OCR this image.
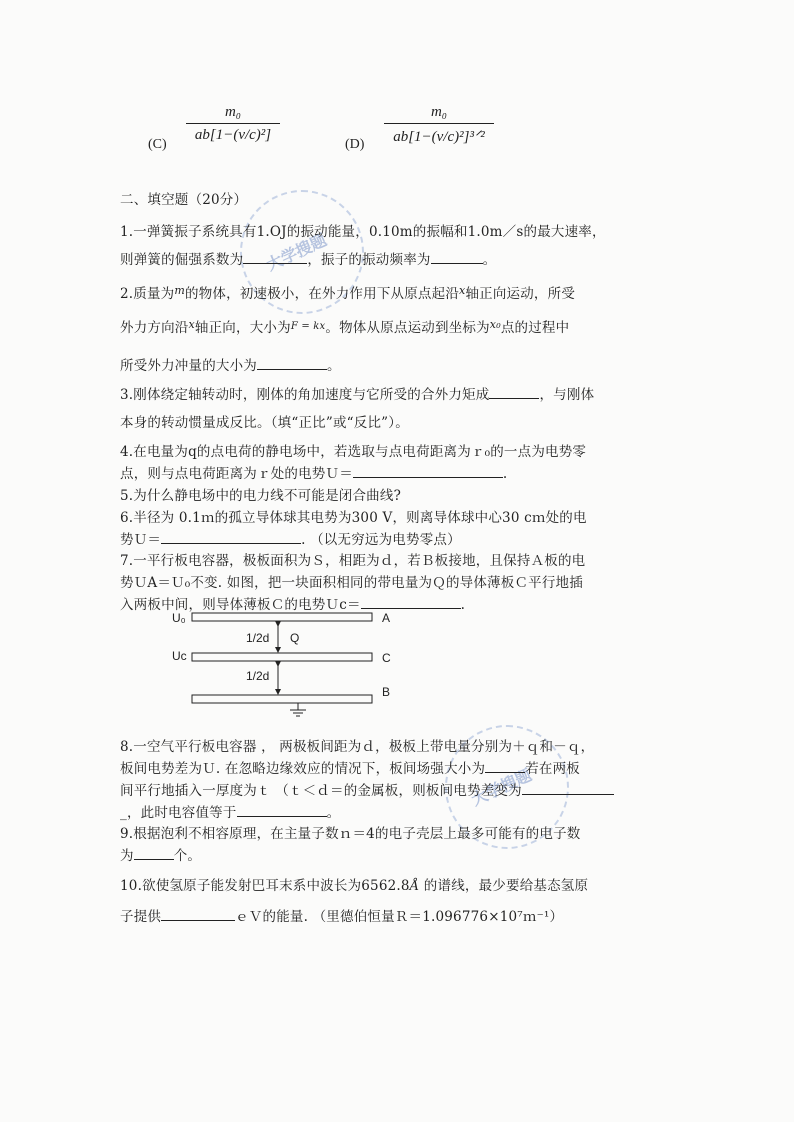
大学搜题
大学搜题
(C)
m₀
ab[1−(v/c)²]
(D)
m₀
ab[1−(v/c)²]³ᐟ²
二、填空题（20分）
1.一弹簧振子系统具有1.OJ的振动能量，0.10m的振幅和1.0m／s的最大速率，
则弹簧的倔强系数为	，振子的振动频率为	。
2.质量为$^m$的物体，初速极小，在外力作用下从原点起沿$^x$轴正向运动，所受
外力方向沿$^x$轴正向，大小为$^{F = kx}$。物体从原点运动到坐标为$^{x_0}$点的过程中
所受外力冲量的大小为	。
3.刚体绕定轴转动时，刚体的角加速度与它所受的合外力矩成	，与刚体
本身的转动惯量成反比。（填“正比”或“反比”）。
4.在电量为q的点电荷的静电场中，若选取与点电荷距离为ｒ₀的一点为电势零
点，则与点电荷距离为ｒ处的电势Ｕ＝	.
5.为什么静电场中的电力线不可能是闭合曲线?
6.半径为 0.1ｍ的孤立导体球其电势为300 V，则离导体球中心30 cｍ处的电
势Ｕ＝	. （以无穷远为电势零点）
7.一平行板电容器，极板面积为Ｓ，相距为ｄ，若Ｂ板接地，且保持Ａ板的电
势ＵA＝Ｕ₀不变. 如图，把一块面积相同的带电量为Ｑ的导体薄板Ｃ平行地插
入两板中间，则导体薄板Ｃ的电势Ｕc＝	.
U₀	A
1/2d Q
Uc	C
1/2d
B
8.一空气平行板电容器 ， 两极板间距为ｄ，极板上带电量分别为＋ｑ和－ｑ，
板间电势差为Ｕ. 在忽略边缘效应的情况下，板间场强大小为	若在两板
间平行地插入一厚度为ｔ （ｔ＜ｄ＝的金属板，则板间电势差变为
_，此时电容值等于	。
9.根据泡利不相容原理，在主量子数ｎ＝4的电子壳层上最多可能有的电子数
为	个。
10.欲使氢原子能发射巴耳末系中波长为6562.8Å 的谱线，最少要给基态氢原
子提供	ｅＶ的能量. （里德伯恒量Ｒ＝1.096776×10⁷ｍ⁻¹）
